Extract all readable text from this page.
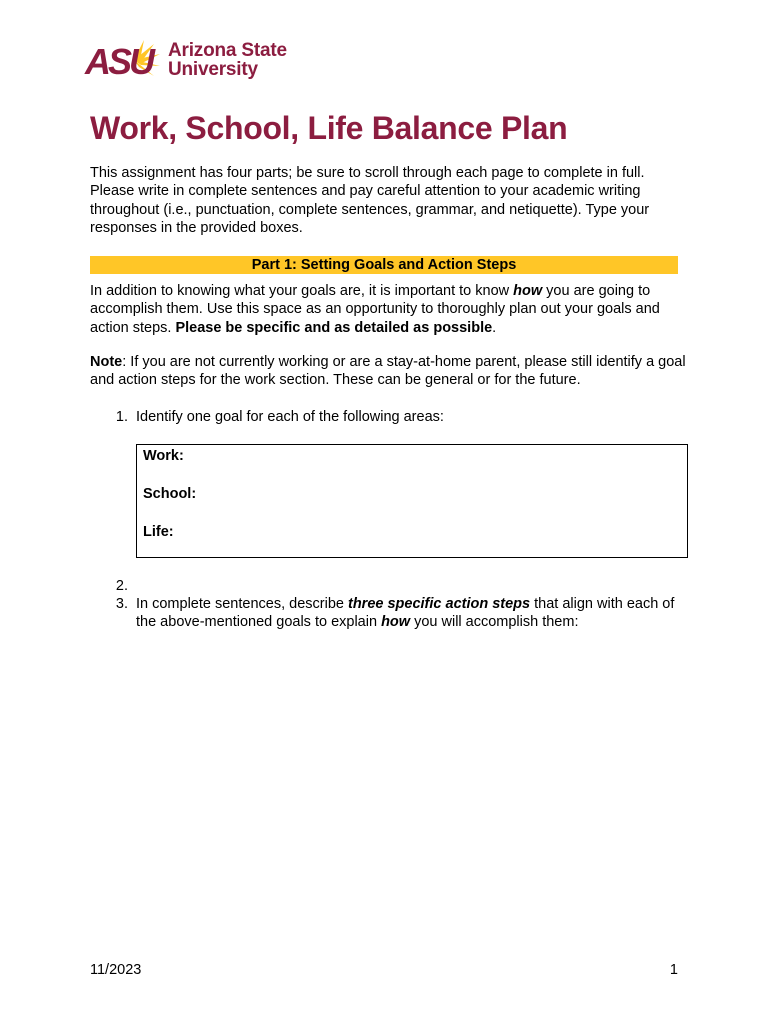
ASU Arizona State
University
Work, School, Life Balance Plan

This assignment has four parts; be sure to scroll through each page to complete in full. Please write in complete sentences and pay careful attention to your academic writing throughout (i.e., punctuation, complete sentences, grammar, and netiquette). Type your responses in the provided boxes.

Part 1: Setting Goals and Action Steps

In addition to knowing what your goals are, it is important to know how you are going to accomplish them. Use this space as an opportunity to thoroughly plan out your goals and action steps. Please be specific and as detailed as possible.

Note: If you are not currently working or are a stay-at-home parent, please still identify a goal and action steps for the work section. These can be general or for the future.

1. Identify one goal for each of the following areas:
Work:
School:
Life:
2.
3. In complete sentences, describe three specific action steps that align with each of the above-mentioned goals to explain how you will accomplish them:
11/2023	1
